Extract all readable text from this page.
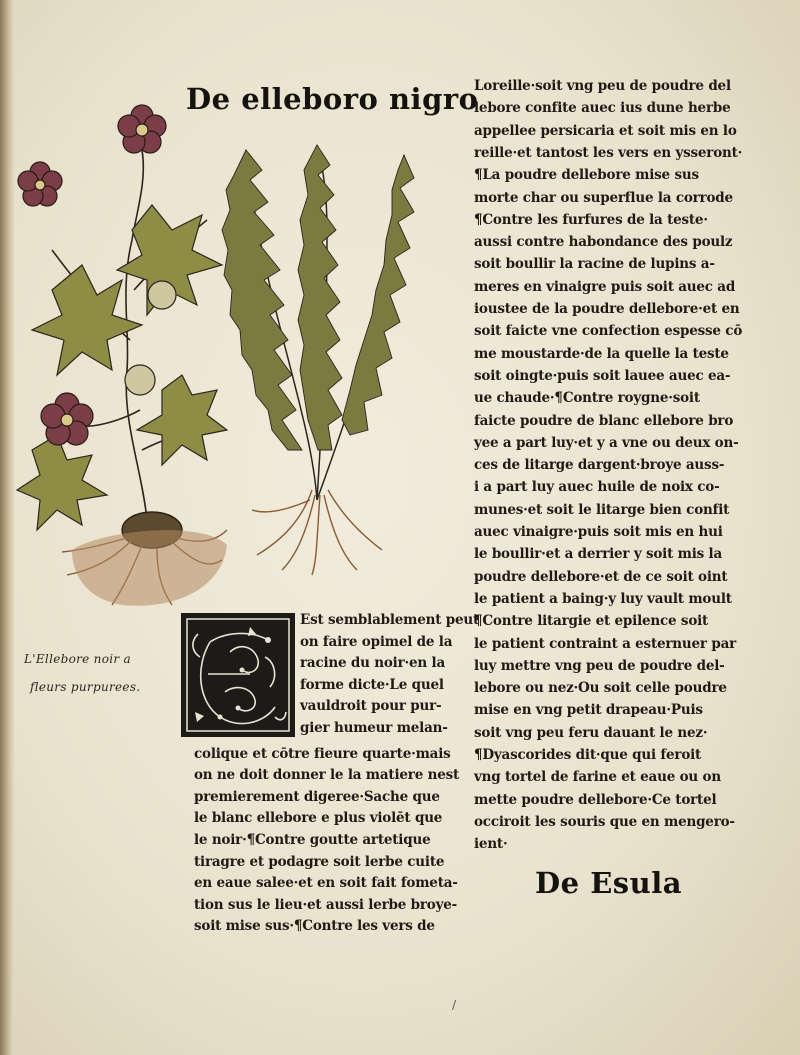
De elleboro nigro
Loreille·soit vng peu de poudre del
lebore confite auec ius dune herbe
appellee persicaria et soit mis en lo
reille·et tantost les vers en ysseront·
¶La poudre dellebore mise sus
morte char ou superflue la corrode
¶Contre les furfures de la teste·
aussi contre habondance des poulz
soit boullir la racine de lupins a-
meres en vinaigre puis soit auec ad
ioustee de la poudre dellebore·et en
soit faicte vne confection espesse cō
me moustarde·de la quelle la teste
soit oingte·puis soit lauee auec ea-
ue chaude·¶Contre roygne·soit
faicte poudre de blanc ellebore bro
yee a part luy·et y a vne ou deux on-
ces de litarge dargent·broye auss-
i a part luy auec huile de noix co-
munes·et soit le litarge bien confit
auec vinaigre·puis soit mis en hui
le boullir·et a derrier y soit mis la
poudre dellebore·et de ce soit oint
le patient a baing·y luy vault moult
¶Contre litargie et epilence soit
le patient contraint a esternuer par
luy mettre vng peu de poudre del-
lebore ou nez·Ou soit celle poudre
mise en vng petit drapeau·Puis
soit vng peu feru dauant le nez·
¶Dyascorides dit·que qui feroit
vng tortel de farine et eaue ou on
mette poudre dellebore·Ce tortel
occiroit les souris que en mengero-
ient·
L'Ellebore noir a
fleurs purpurees.
Est semblablement peut
on faire opimel de la
racine du noir·en la
forme dicte·Le quel
vauldroit pour pur-
gier humeur melan-
colique et cōtre fieure quarte·mais
on ne doit donner le la matiere nest
premierement digeree·Sache que
le blanc ellebore e plus violēt que
le noir·¶Contre goutte artetique
tiragre et podagre soit lerbe cuite
en eaue salee·et en soit fait fometa-
tion sus le lieu·et aussi lerbe broye-
soit mise sus·¶Contre les vers de
De Esula
/
